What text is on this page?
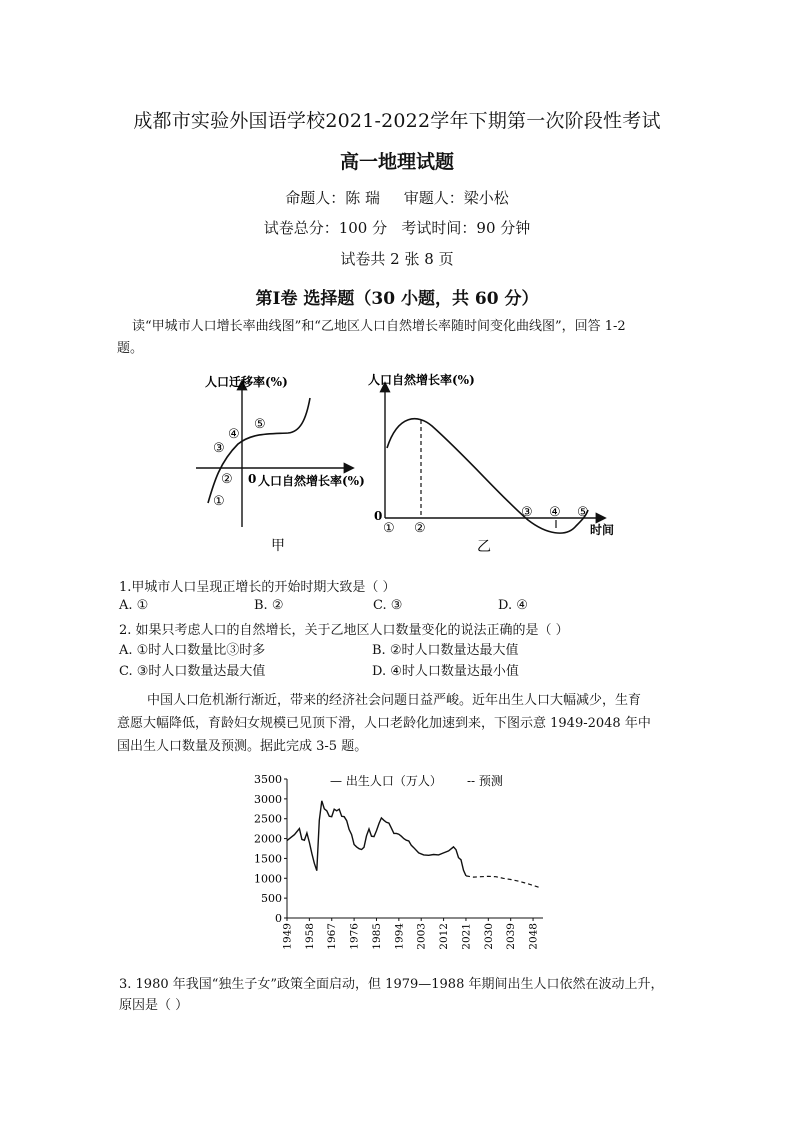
成都市实验外国语学校2021-2022学年下期第一次阶段性考试
高一地理试题
命题人：陈 瑞     审题人：梁小松
试卷总分：100 分   考试时间：90 分钟
试卷共 2 张 8 页
第Ⅰ卷 选择题（30 小题，共 60 分）
读“甲城市人口增长率曲线图”和“乙地区人口自然增长率随时间变化曲线图”，回答 1-2
题。
人口迁移率(%)
0 人口自然增长率(%)
①
②
③
④
⑤
甲
人口自然增长率(%)
0
① ②
③ ④ ⑤
时间
乙
1.甲城市人口呈现正增长的开始时期大致是（ ）
A. ①	B. ②	C. ③	D. ④
2. 如果只考虑人口的自然增长，关于乙地区人口数量变化的说法正确的是（ ）
A. ①时人口数量比③时多	B. ②时人口数量达最大值
C. ③时人口数量达最大值	D. ④时人口数量达最小值
中国人口危机渐行渐近，带来的经济社会问题日益严峻。近年出生人口大幅减少，生育
意愿大幅降低，育龄妇女规模已见顶下滑，人口老龄化加速到来，下图示意 1949-2048 年中
国出生人口数量及预测。据此完成 3-5 题。
3500
3000
2500
2000
1500
1000
500
0
1949 1958 1967 1976 1985 1994 2003 2012 2021 2030 2039 2048
— 出生人口（万人） -- 预测
3. 1980 年我国“独生子女”政策全面启动，但 1979—1988 年期间出生人口依然在波动上升，
原因是（ ）
